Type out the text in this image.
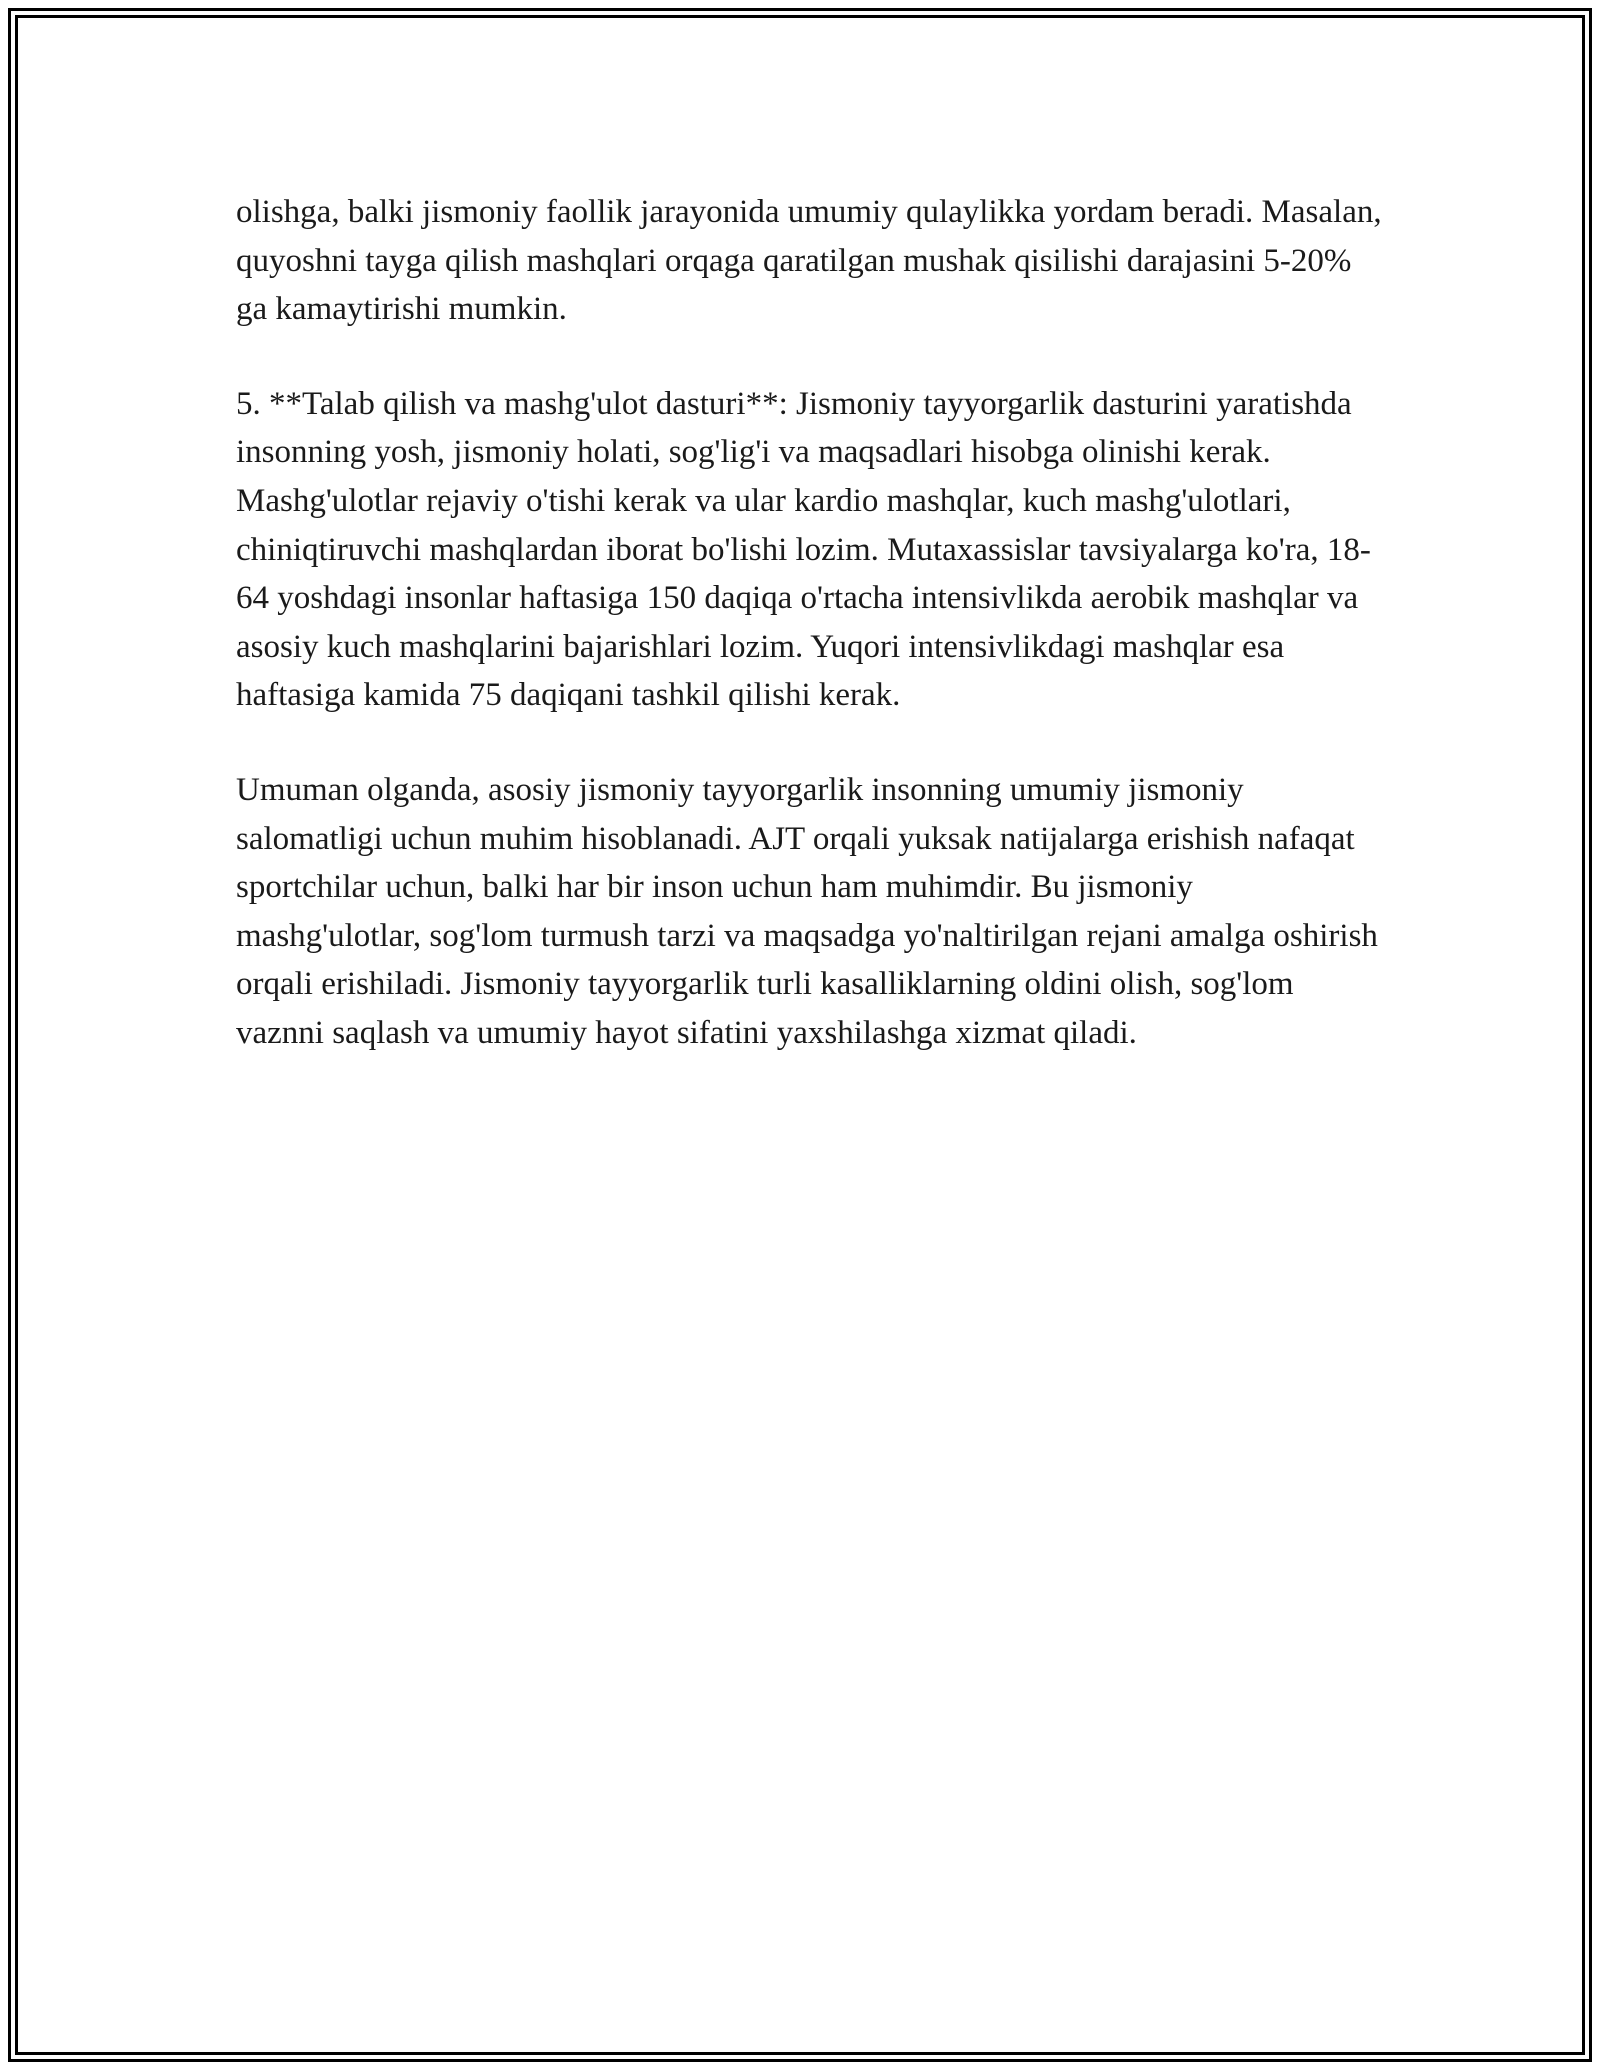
olishga, balki jismoniy faollik jarayonida umumiy qulaylikka yordam beradi. Masalan, quyoshni tayga qilish mashqlari orqaga qaratilgan mushak qisilishi darajasini 5-20% ga kamaytirishi mumkin.

5. **Talab qilish va mashg'ulot dasturi**: Jismoniy tayyorgarlik dasturini yaratishda insonning yosh, jismoniy holati, sog'lig'i va maqsadlari hisobga olinishi kerak. Mashg'ulotlar rejaviy o'tishi kerak va ular kardio mashqlar, kuch mashg'ulotlari, chiniqtiruvchi mashqlardan iborat bo'lishi lozim. Mutaxassislar tavsiyalarga ko'ra, 18-64 yoshdagi insonlar haftasiga 150 daqiqa o'rtacha intensivlikda aerobik mashqlar va asosiy kuch mashqlarini bajarishlari lozim. Yuqori intensivlikdagi mashqlar esa haftasiga kamida 75 daqiqani tashkil qilishi kerak.

Umuman olganda, asosiy jismoniy tayyorgarlik insonning umumiy jismoniy salomatligi uchun muhim hisoblanadi. AJT orqali yuksak natijalarga erishish nafaqat sportchilar uchun, balki har bir inson uchun ham muhimdir. Bu jismoniy mashg'ulotlar, sog'lom turmush tarzi va maqsadga yo'naltirilgan rejani amalga oshirish orqali erishiladi. Jismoniy tayyorgarlik turli kasalliklarning oldini olish, sog'lom vaznni saqlash va umumiy hayot sifatini yaxshilashga xizmat qiladi.
